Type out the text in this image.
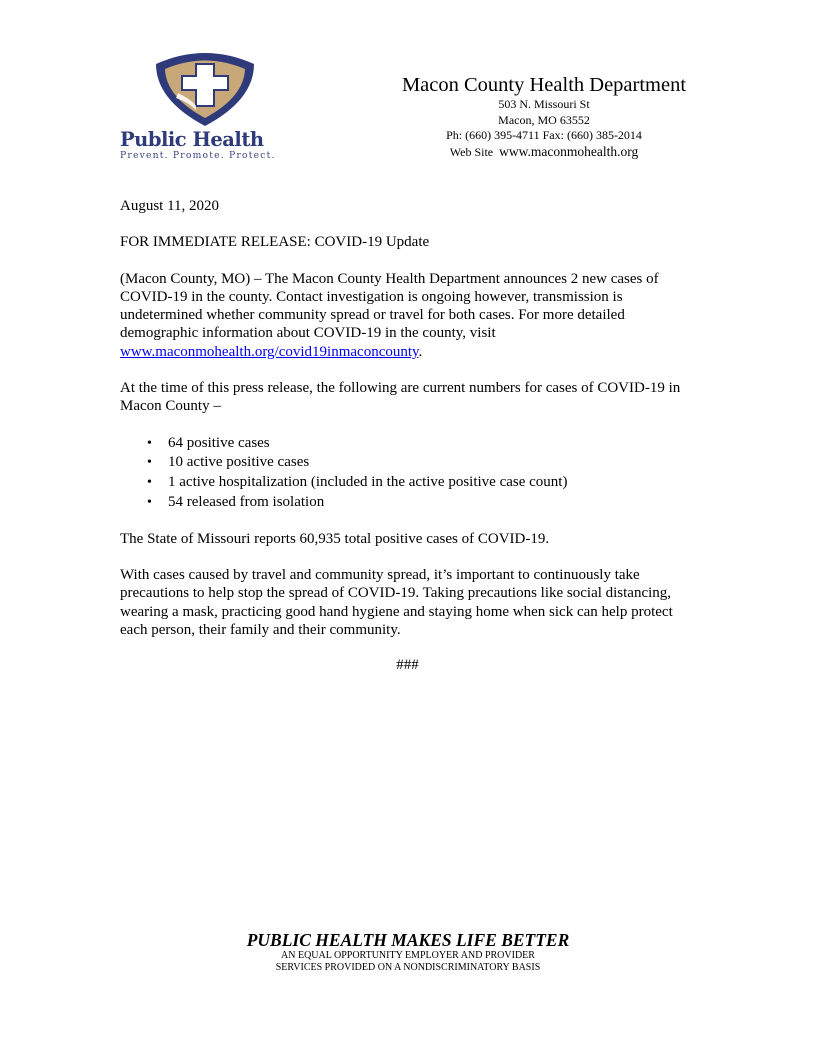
Public Health
Prevent. Promote. Protect.
Macon County Health Department
503 N. Missouri St
Macon, MO 63552
Ph: (660) 395-4711 Fax: (660) 385-2014
Web Site www.maconmohealth.org

August 11, 2020

FOR IMMEDIATE RELEASE: COVID-19 Update

(Macon County, MO) – The Macon County Health Department announces 2 new cases of COVID-19 in the county. Contact investigation is ongoing however, transmission is undetermined whether community spread or travel for both cases. For more detailed demographic information about COVID-19 in the county, visit www.maconmohealth.org/covid19inmaconcounty.

At the time of this press release, the following are current numbers for cases of COVID-19 in Macon County –

• 64 positive cases
• 10 active positive cases
• 1 active hospitalization (included in the active positive case count)
• 54 released from isolation

The State of Missouri reports 60,935 total positive cases of COVID-19.

With cases caused by travel and community spread, it’s important to continuously take precautions to help stop the spread of COVID-19. Taking precautions like social distancing, wearing a mask, practicing good hand hygiene and staying home when sick can help protect each person, their family and their community.

###

PUBLIC HEALTH MAKES LIFE BETTER
AN EQUAL OPPORTUNITY EMPLOYER AND PROVIDER
SERVICES PROVIDED ON A NONDISCRIMINATORY BASIS
